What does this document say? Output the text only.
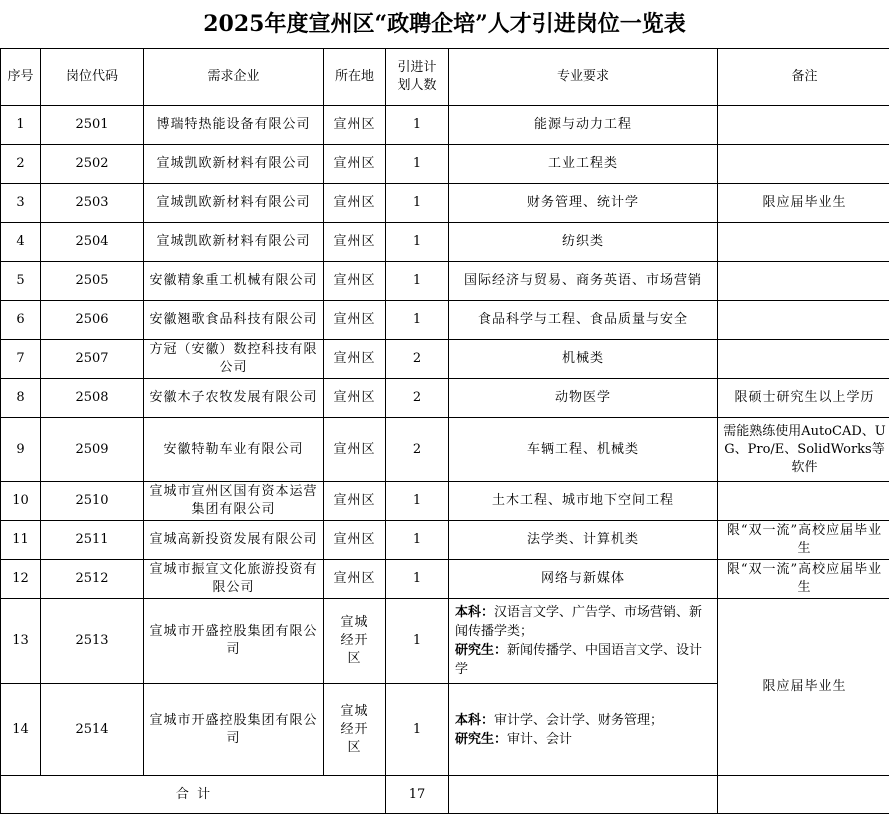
2025年度宣州区“政聘企培”人才引进岗位一览表
序号	岗位代码	需求企业	所在地	引进计划人数	专业要求	备注
1	2501	博瑞特热能设备有限公司	宣州区	1	能源与动力工程	
2	2502	宣城凯欧新材料有限公司	宣州区	1	工业工程类	
3	2503	宣城凯欧新材料有限公司	宣州区	1	财务管理、统计学	限应届毕业生
4	2504	宣城凯欧新材料有限公司	宣州区	1	纺织类	
5	2505	安徽精象重工机械有限公司	宣州区	1	国际经济与贸易、商务英语、市场营销	
6	2506	安徽翘歌食品科技有限公司	宣州区	1	食品科学与工程、食品质量与安全	
7	2507	方冠（安徽）数控科技有限公司	宣州区	2	机械类	
8	2508	安徽木子农牧发展有限公司	宣州区	2	动物医学	限硕士研究生以上学历
9	2509	安徽特勒车业有限公司	宣州区	2	车辆工程、机械类	需能熟练使用AutoCAD、UG、Pro/E、SolidWorks等软件
10	2510	宣城市宣州区国有资本运营集团有限公司	宣州区	1	土木工程、城市地下空间工程	
11	2511	宣城高新投资发展有限公司	宣州区	1	法学类、计算机类	限“双一流”高校应届毕业生
12	2512	宣城市振宣文化旅游投资有限公司	宣州区	1	网络与新媒体	限“双一流”高校应届毕业生
13	2513	宣城市开盛控股集团有限公司	宣城经开区	1	本科：汉语言文学、广告学、市场营销、新闻传播学类；
研究生：新闻传播学、中国语言文学、设计学	限应届毕业生
14	2514	宣城市开盛控股集团有限公司	宣城经开区	1	本科：审计学、会计学、财务管理；
研究生：审计、会计	
合  计				17		
